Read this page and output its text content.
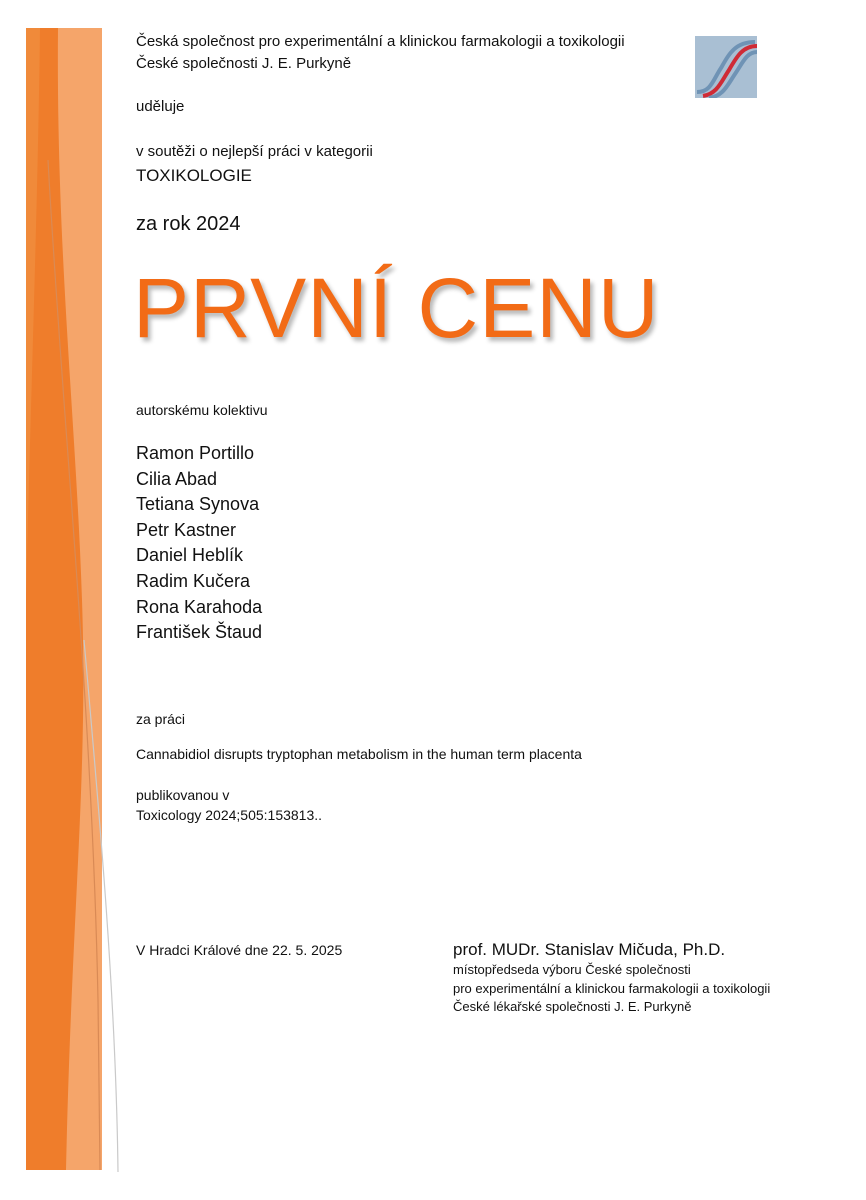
Česká společnost pro experimentální a klinickou farmakologii a toxikologii

České společnosti J. E. Purkyně

uděluje

v soutěži o nejlepší práci v kategorii

TOXIKOLOGIE

za rok 2024

PRVNÍ CENU

autorskému kolektivu

Ramon Portillo
Cilia Abad
Tetiana Synova
Petr Kastner
Daniel Heblík
Radim Kučera
Rona Karahoda
František Štaud

za práci

Cannabidiol disrupts tryptophan metabolism in the human term placenta

publikovanou v

Toxicology 2024;505:153813..

V Hradci Králové dne 22. 5. 2025	prof. MUDr. Stanislav Mičuda, Ph.D.

místopředseda výboru České společnosti

pro experimentální a klinickou farmakologii a toxikologii

České lékařské společnosti J. E. Purkyně
